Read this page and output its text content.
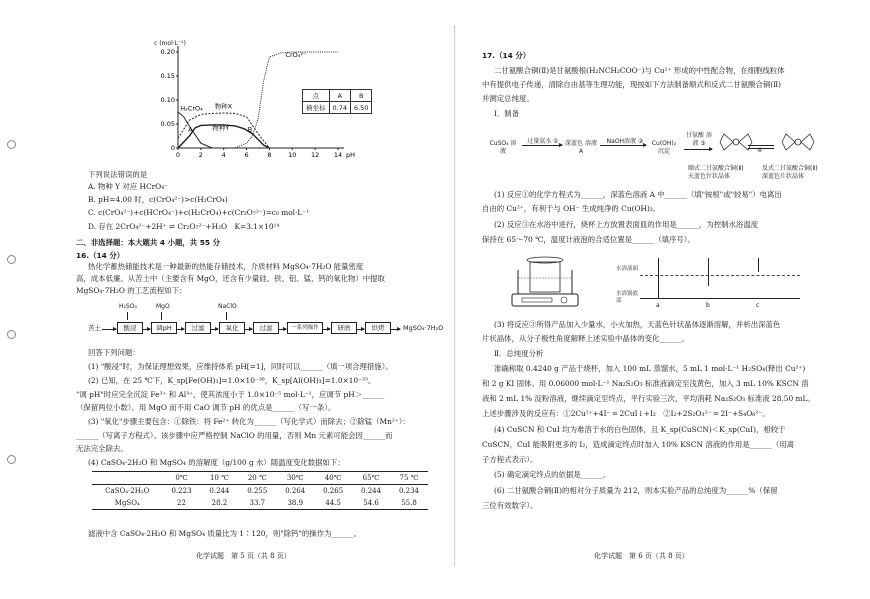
0	2	4	6	8	10 12 14 pH
0
0.05
0.10
0.15
0.20
H₂CrO₄ 物种X
物种Y
CrO₄²⁻
A	B
c (mol·L⁻¹)
点	A	B
横坐标	0.74	6.50
下列说法错误的是
A. 物种 Y 对应 HCrO₄⁻
B. pH=4.00 时，c(CrO₄²⁻)>c(H₂CrO₄)
C. c(CrO₄²⁻)+c(HCrO₄⁻)+c(H₂CrO₄)+c(Cr₂O₇²⁻)=c₀ mol·L⁻¹
D. 存在 2CrO₄²⁻+2H⁺ ⇌ Cr₂O₇²⁻+H₂O　K=3.1×10¹⁴
二、非选择题：本大题共 4 小题，共 55 分
16.（14 分）
热化学蓄热储能技术是一种最新的热能存储技术，介质材料 MgSO₄·7H₂O 能量密度
高，成本低廉。从苦土中（主要含有 MgO，还含有少量硅、铁、铝、锰、钙的氧化物）中提取
MgSO₄·7H₂O 的工艺流程如下：
H₂SO₄	MgO	NaClO
苦土	酸浸	调pH	过滤	氧化	过滤	一系列操作	研磨	烘烤	MgSO₄·7H₂O
回答下列问题：
(1) "酸浸"时，为保证理想效果，应维持体系 pH[=1]，同时可以______（填一项合理措施）。
(2) 已知，在 25 ℃下，K_sp[Fe(OH)₃]=1.0×10⁻³⁸，K_sp[Al(OH)₃]=1.0×10⁻³³。
"调 pH"时应完全沉淀 Fe³⁺ 和 Al³⁺，使其浓度小于 1.0×10⁻⁵ mol·L⁻¹，应调节 pH＞______
（保留两位小数）。用 MgO 而不用 CaO 调节 pH 的优点是______（写一条）。
(3) "氧化"步骤主要包含：①除铁：将 Fe²⁺ 转化为______（写化学式）而除去；②除锰（Mn²⁺）：
______（写离子方程式）。该步骤中应严格控制 NaClO 的用量，否则 Mn 元素可能会因______而
无法完全除去。
(4) CaSO₄·2H₂O 和 MgSO₄ 的溶解度（g/100 g 水）随温度变化数据如下：
	0℃	10 ℃	20 ℃	30℃	40℃	65℃	75 ℃
CaSO₄·2H₂O	0.223	0.244	0.255	0.264	0.265	0.244	0.234
MgSO₄	22	28.2	33.7	38.9	44.5	54.6	55.8
滤液中含 CaSO₄·2H₂O 和 MgSO₄ 质量比为 1∶120，则"除钙"的操作为______。
化学试题　第 5 页（共 8 页）
17.（14 分）
二甘氨酸合铜(Ⅱ)是甘氨酸根(H₂NCH₂COO⁻)与 Cu²⁺ 形成的中性配合物，在细胞线粒体
中有提供电子传递，清除自由基等生理功能，现按如下方法制备顺式和反式二甘氨酸合铜(Ⅱ)
并测定总纯度。
Ⅰ．制备
CuSO₄ 溶液
过量氨水 ①	深蓝色 溶液A
NaOH溶液 ②	Cu(OH)₂ 沉淀
甘氨酸 溶液 ③
④
顺式二甘氨酸合铜(Ⅱ) 天蓝色针状晶体
反式二甘氨酸合铜(Ⅱ) 深蓝色片状晶体
(1) 反应①的化学方程式为______，深蓝色溶液 A 中______（填"铵根"或"较易"）电离出
自由的 Cu²⁺，有利于与 OH⁻ 生成纯净的 Cu(OH)₂。
(2) 反应③在水浴中进行，烧杯上方放置表面皿的作用是______，为控制水浴温度
保持在 65～70 ℃，温度计液泡的合适位置是______（填序号）。
水浴液面
水浴锅底部
a	b	c
(3) 将反应③所得产品加入少量水，小火加热，天蓝色针状晶体逐渐溶解，并析出深蓝色
片状晶体，从分子极性角度解释上述实验中晶体的变化______。
Ⅱ．总纯度分析
准确称取 0.4240 g 产品于烧杯，加入 100 mL 蒸馏水，5 mL 1 mol·L⁻¹ H₂SO₄(释出 Cu²⁺)
和 2 g KI 固体。用 0.06000 mol·L⁻¹ Na₂S₂O₃ 标准液滴定至浅黄色，加入 3 mL 10% KSCN 溶
液和 2 mL 1% 淀粉溶液，继续滴定至终点，平行实验三次，平均消耗 Na₂S₂O₃ 标准液 28.50 mL。
上述步骤涉及的反应有：①2Cu²⁺+4I⁻ ═ 2CuI↓+I₂　②I₂+2S₂O₃²⁻ ═ 2I⁻+S₄O₆²⁻。
(4) CuSCN 和 CuI 均为难溶于水的白色固体，且 K_sp(CuSCN)＜K_sp(CuI)，相较于
CuSCN，CuI 能吸附更多的 I₂，造成滴定终点时加入 10% KSCN 溶液的作用是______（用离
子方程式表示）。
(5) 确定滴定终点的依据是______。
(6) 二甘氨酸合铜(Ⅱ)的相对分子质量为 212，则本实验产品的总纯度为______%（保留
三位有效数字）。
化学试题　第 6 页（共 8 页）
